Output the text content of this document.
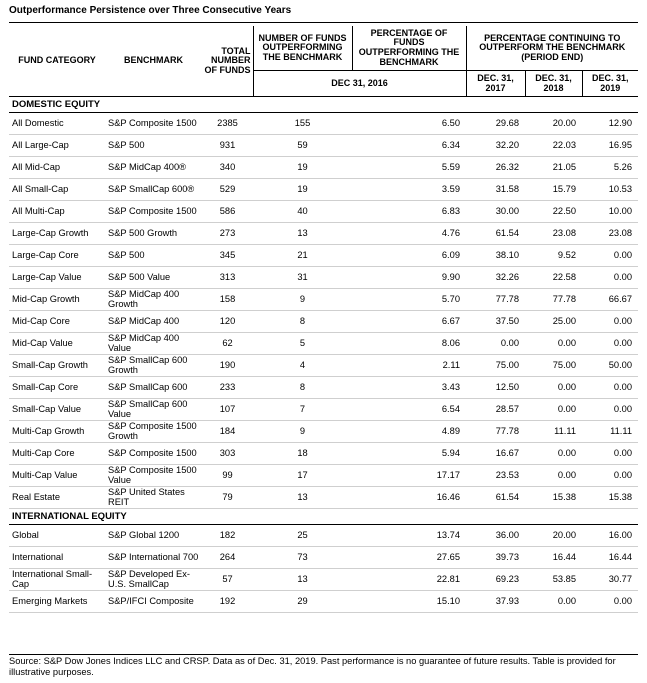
Outperformance Persistence over Three Consecutive Years
FUND CATEGORY	BENCHMARK	TOTAL NUMBER OF FUNDS	NUMBER OF FUNDS OUTPERFORMING THE BENCHMARK	PERCENTAGE OF FUNDS OUTPERFORMING THE BENCHMARK	PERCENTAGE CONTINUING TO OUTPERFORM THE BENCHMARK (PERIOD END)		
			DEC 31, 2016		DEC. 31, 2017	DEC. 31, 2018	DEC. 31, 2019
DOMESTIC EQUITY							
All Domestic	S&P Composite 1500	2385	155	6.50	29.68	20.00	12.90
All Large-Cap	S&P 500	931	59	6.34	32.20	22.03	16.95
All Mid-Cap	S&P MidCap 400®	340	19	5.59	26.32	21.05	5.26
All Small-Cap	S&P SmallCap 600®	529	19	3.59	31.58	15.79	10.53
All Multi-Cap	S&P Composite 1500	586	40	6.83	30.00	22.50	10.00
Large-Cap Growth	S&P 500 Growth	273	13	4.76	61.54	23.08	23.08
Large-Cap Core	S&P 500	345	21	6.09	38.10	9.52	0.00
Large-Cap Value	S&P 500 Value	313	31	9.90	32.26	22.58	0.00
Mid-Cap Growth	S&P MidCap 400 Growth	158	9	5.70	77.78	77.78	66.67
Mid-Cap Core	S&P MidCap 400	120	8	6.67	37.50	25.00	0.00
Mid-Cap Value	S&P MidCap 400 Value	62	5	8.06	0.00	0.00	0.00
Small-Cap Growth	S&P SmallCap 600 Growth	190	4	2.11	75.00	75.00	50.00
Small-Cap Core	S&P SmallCap 600	233	8	3.43	12.50	0.00	0.00
Small-Cap Value	S&P SmallCap 600 Value	107	7	6.54	28.57	0.00	0.00
Multi-Cap Growth	S&P Composite 1500 Growth	184	9	4.89	77.78	11.11	11.11
Multi-Cap Core	S&P Composite 1500	303	18	5.94	16.67	0.00	0.00
Multi-Cap Value	S&P Composite 1500 Value	99	17	17.17	23.53	0.00	0.00
Real Estate	S&P United States REIT	79	13	16.46	61.54	15.38	15.38
INTERNATIONAL EQUITY							
Global	S&P Global 1200	182	25	13.74	36.00	20.00	16.00
International	S&P International 700	264	73	27.65	39.73	16.44	16.44
International Small-Cap	S&P Developed Ex-U.S. SmallCap	57	13	22.81	69.23	53.85	30.77
Emerging Markets	S&P/IFCI Composite	192	29	15.10	37.93	0.00	0.00
Source: S&P Dow Jones Indices LLC and CRSP. Data as of Dec. 31, 2019. Past performance is no guarantee of future results. Table is provided for illustrative purposes.
